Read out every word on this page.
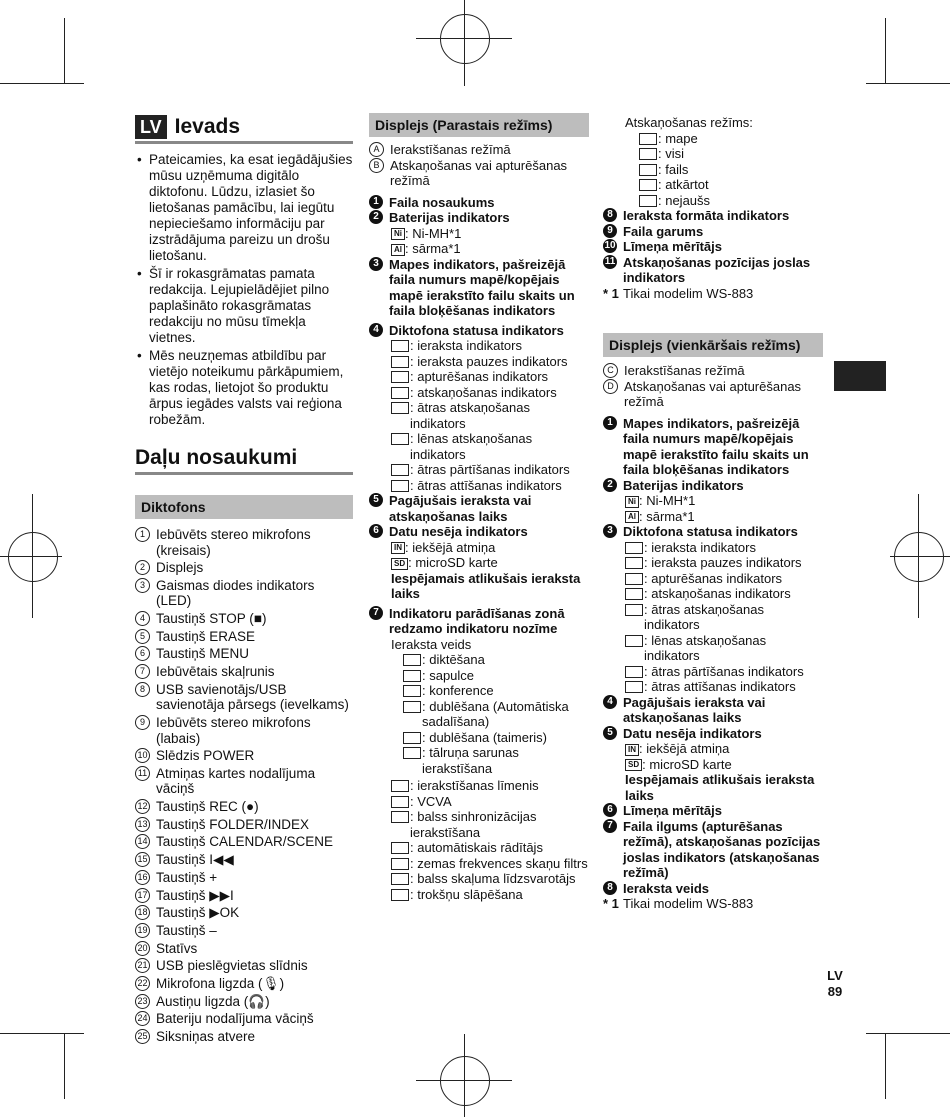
LV Ievads
• Pateicamies, ka esat iegādājušies mūsu uzņēmuma digitālo diktofonu. Lūdzu, izlasiet šo lietošanas pamācību, lai iegūtu nepieciešamo informāciju par izstrādājuma pareizu un drošu lietošanu.
• Šī ir rokasgrāmatas pamata redakcija. Lejupielādējiet pilno paplašināto rokasgrāmatas redakciju no mūsu tīmekļa vietnes.
• Mēs neuzņemas atbildību par vietējo noteikumu pārkāpumiem, kas rodas, lietojot šo produktu ārpus iegādes valsts vai reģiona robežām.
Daļu nosaukumi
Diktofons
1 Iebūvēts stereo mikrofons (kreisais)
2 Displejs
3 Gaismas diodes indikators (LED)
4 Taustiņš STOP (■)
5 Taustiņš ERASE
6 Taustiņš MENU
7 Iebūvētais skaļrunis
8 USB savienotājs/USB savienotāja pārsegs (ievelkams)
9 Iebūvēts stereo mikrofons (labais)
10 Slēdzis POWER
11 Atmiņas kartes nodalījuma vāciņš
12 Taustiņš REC (●)
13 Taustiņš FOLDER/INDEX
14 Taustiņš CALENDAR/SCENE
15 Taustiņš I◀◀
16 Taustiņš +
17 Taustiņš ▶▶I
18 Taustiņš ▶OK
19 Taustiņš –
20 Statīvs
21 USB pieslēgvietas slīdnis
22 Mikrofona ligzda (🎙)
23 Austiņu ligzda (🎧)
24 Bateriju nodalījuma vāciņš
25 Siksniņas atvere
Displejs (Parastais režīms)
A Ierakstīšanas režīmā
B Atskaņošanas vai apturēšanas režīmā
1 Faila nosaukums
2 Baterijas indikators
Ni : Ni-MH*1
Al : sārma*1
3 Mapes indikators, pašreizējā faila numurs mapē/kopējais mapē ierakstīto failu skaits un faila bloķēšanas indikators
4 Diktofona statusa indikators
: ieraksta indikators
: ieraksta pauzes indikators
: apturēšanas indikators
: atskaņošanas indikators
: ātras atskaņošanas indikators
: lēnas atskaņošanas indikators
: ātras pārtīšanas indikators
: ātras attīšanas indikators
5 Pagājušais ieraksta vai atskaņošanas laiks
6 Datu nesēja indikators
IN : iekšējā atmiņa
SD : microSD karte
Iespējamais atlikušais ieraksta laiks
7 Indikatoru parādīšanas zonā redzamo indikatoru nozīme
Ieraksta veids
: diktēšana
: sapulce
: konference
: dublēšana (Automātiska sadalīšana)
: dublēšana (taimeris)
: tālruņa sarunas ierakstīšana
: ierakstīšanas līmenis
: VCVA
: balss sinhronizācijas ierakstīšana
: automātiskais rādītājs
: zemas frekvences skaņu filtrs
: balss skaļuma līdzsvarotājs
: trokšņu slāpēšana
Atskaņošanas režīms:
: mape
: visi
: fails
: atkārtot
: nejaušs
8 Ieraksta formāta indikators
9 Faila garums
10 Līmeņa mērītājs
11 Atskaņošanas pozīcijas joslas indikators
* 1 Tikai modelim WS-883
Displejs (vienkāršais režīms)
C Ierakstīšanas režīmā
D Atskaņošanas vai apturēšanas režīmā
1 Mapes indikators, pašreizējā faila numurs mapē/kopējais mapē ierakstīto failu skaits un faila bloķēšanas indikators
2 Baterijas indikators
Ni : Ni-MH*1
Al : sārma*1
3 Diktofona statusa indikators
: ieraksta indikators
: ieraksta pauzes indikators
: apturēšanas indikators
: atskaņošanas indikators
: ātras atskaņošanas indikators
: lēnas atskaņošanas indikators
: ātras pārtīšanas indikators
: ātras attīšanas indikators
4 Pagājušais ieraksta vai atskaņošanas laiks
5 Datu nesēja indikators
IN : iekšējā atmiņa
SD : microSD karte
Iespējamais atlikušais ieraksta laiks
6 Līmeņa mērītājs
7 Faila ilgums (apturēšanas režīmā), atskaņošanas pozīcijas joslas indikators (atskaņošanas režīmā)
8 Ieraksta veids
* 1 Tikai modelim WS-883
LV
89
